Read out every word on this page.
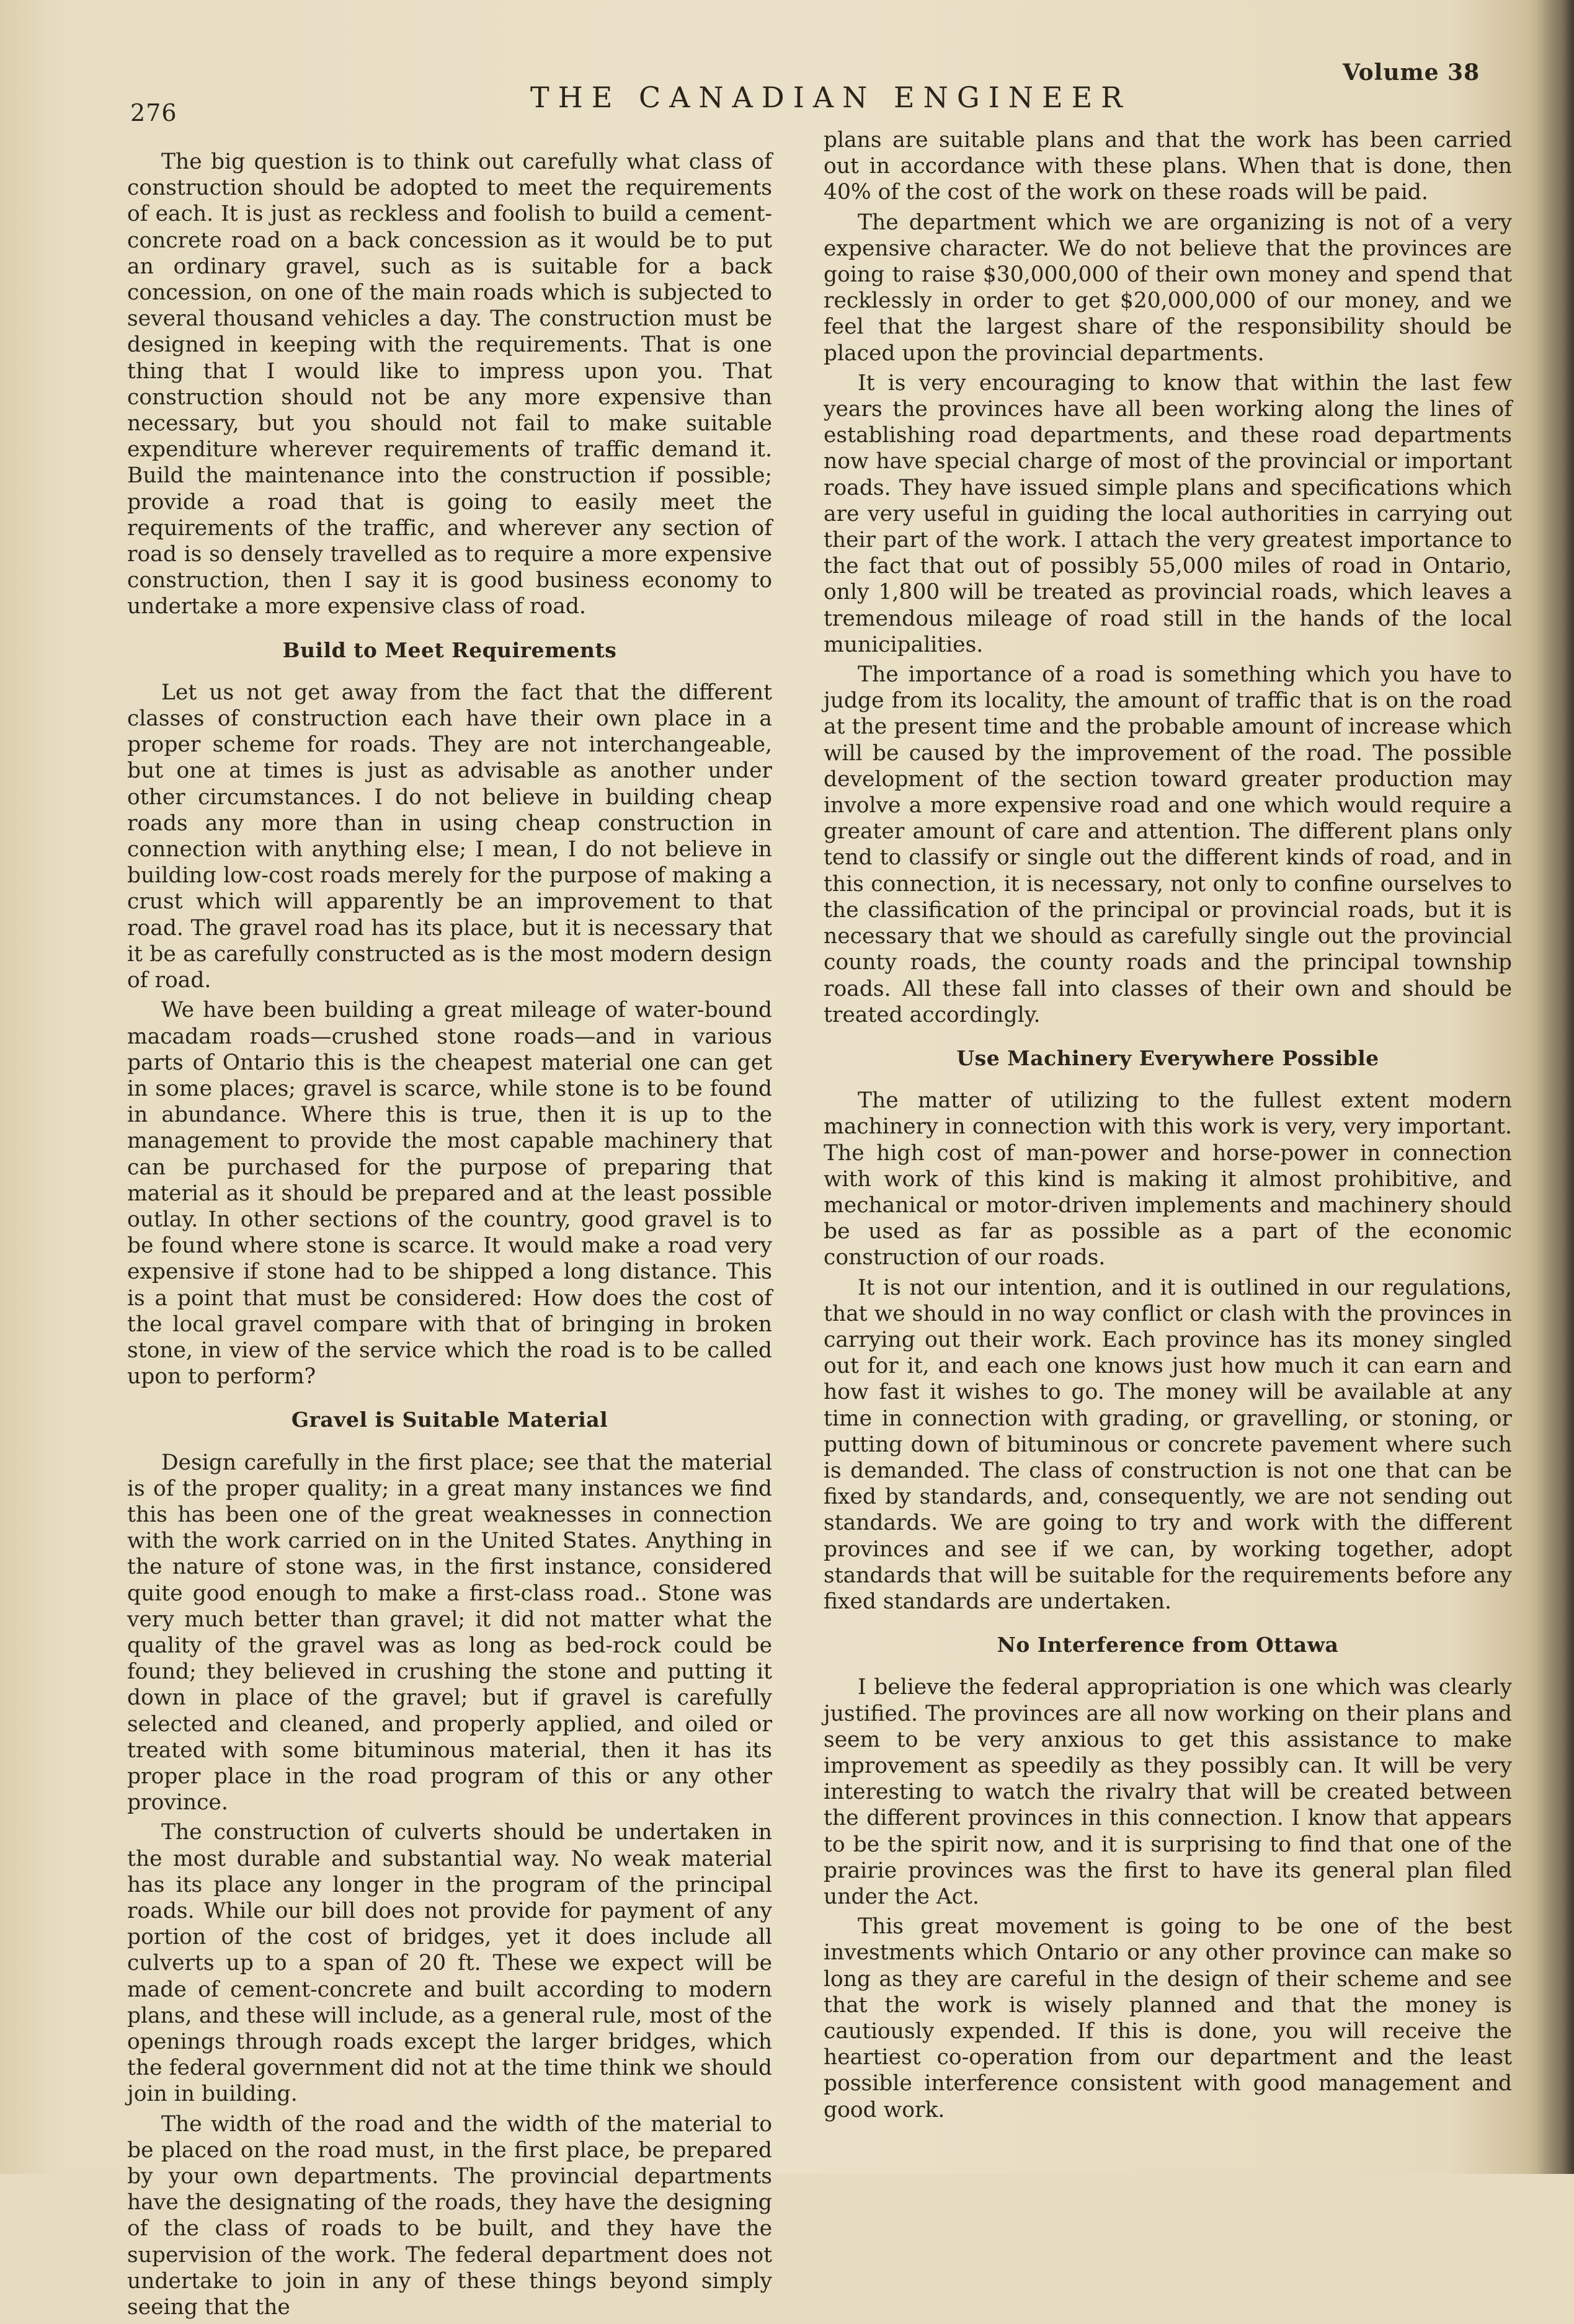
276	THE CANADIAN ENGINEER
Volume 38

The big question is to think out carefully what class of construction should be adopted to meet the requirements of each. It is just as reckless and foolish to build a cement-concrete road on a back concession as it would be to put an ordinary gravel, such as is suitable for a back concession, on one of the main roads which is subjected to several thousand vehicles a day. The construction must be designed in keeping with the requirements. That is one thing that I would like to impress upon you. That construction should not be any more expensive than necessary, but you should not fail to make suitable expenditure wherever requirements of traffic demand it. Build the maintenance into the construction if possible; provide a road that is going to easily meet the requirements of the traffic, and wherever any section of road is so densely travelled as to require a more expensive construction, then I say it is good business economy to undertake a more expensive class of road.

Build to Meet Requirements

Let us not get away from the fact that the different classes of construction each have their own place in a proper scheme for roads. They are not interchangeable, but one at times is just as advisable as another under other circumstances. I do not believe in building cheap roads any more than in using cheap construction in connection with anything else; I mean, I do not believe in building low-cost roads merely for the purpose of making a crust which will apparently be an improvement to that road. The gravel road has its place, but it is necessary that it be as carefully constructed as is the most modern design of road.

We have been building a great mileage of water-bound macadam roads—crushed stone roads—and in various parts of Ontario this is the cheapest material one can get in some places; gravel is scarce, while stone is to be found in abundance. Where this is true, then it is up to the management to provide the most capable machinery that can be purchased for the purpose of preparing that material as it should be prepared and at the least possible outlay. In other sections of the country, good gravel is to be found where stone is scarce. It would make a road very expensive if stone had to be shipped a long distance. This is a point that must be considered: How does the cost of the local gravel compare with that of bringing in broken stone, in view of the service which the road is to be called upon to perform?

Gravel is Suitable Material

Design carefully in the first place; see that the material is of the proper quality; in a great many instances we find this has been one of the great weaknesses in connection with the work carried on in the United States. Anything in the nature of stone was, in the first instance, considered quite good enough to make a first-class road.. Stone was very much better than gravel; it did not matter what the quality of the gravel was as long as bed-rock could be found; they believed in crushing the stone and putting it down in place of the gravel; but if gravel is carefully selected and cleaned, and properly applied, and oiled or treated with some bituminous material, then it has its proper place in the road program of this or any other province.

The construction of culverts should be undertaken in the most durable and substantial way. No weak material has its place any longer in the program of the principal roads. While our bill does not provide for payment of any portion of the cost of bridges, yet it does include all culverts up to a span of 20 ft. These we expect will be made of cement-concrete and built according to modern plans, and these will include, as a general rule, most of the openings through roads except the larger bridges, which the federal government did not at the time think we should join in building.

The width of the road and the width of the material to be placed on the road must, in the first place, be prepared by your own departments. The provincial departments have the designating of the roads, they have the designing of the class of roads to be built, and they have the supervision of the work. The federal department does not undertake to join in any of these things beyond simply seeing that the

plans are suitable plans and that the work has been carried out in accordance with these plans. When that is done, then 40% of the cost of the work on these roads will be paid.

The department which we are organizing is not of a very expensive character. We do not believe that the provinces are going to raise $30,000,000 of their own money and spend that recklessly in order to get $20,000,000 of our money, and we feel that the largest share of the responsibility should be placed upon the provincial departments.

It is very encouraging to know that within the last few years the provinces have all been working along the lines of establishing road departments, and these road departments now have special charge of most of the provincial or important roads. They have issued simple plans and specifications which are very useful in guiding the local authorities in carrying out their part of the work. I attach the very greatest importance to the fact that out of possibly 55,000 miles of road in Ontario, only 1,800 will be treated as provincial roads, which leaves a tremendous mileage of road still in the hands of the local municipalities.

The importance of a road is something which you have to judge from its locality, the amount of traffic that is on the road at the present time and the probable amount of increase which will be caused by the improvement of the road. The possible development of the section toward greater production may involve a more expensive road and one which would require a greater amount of care and attention. The different plans only tend to classify or single out the different kinds of road, and in this connection, it is necessary, not only to confine ourselves to the classification of the principal or provincial roads, but it is necessary that we should as carefully single out the provincial county roads, the county roads and the principal township roads. All these fall into classes of their own and should be treated accordingly.

Use Machinery Everywhere Possible

The matter of utilizing to the fullest extent modern machinery in connection with this work is very, very important. The high cost of man-power and horse-power in connection with work of this kind is making it almost prohibitive, and mechanical or motor-driven implements and machinery should be used as far as possible as a part of the economic construction of our roads.

It is not our intention, and it is outlined in our regulations, that we should in no way conflict or clash with the provinces in carrying out their work. Each province has its money singled out for it, and each one knows just how much it can earn and how fast it wishes to go. The money will be available at any time in connection with grading, or gravelling, or stoning, or putting down of bituminous or concrete pavement where such is demanded. The class of construction is not one that can be fixed by standards, and, consequently, we are not sending out standards. We are going to try and work with the different provinces and see if we can, by working together, adopt standards that will be suitable for the requirements before any fixed standards are undertaken.

No Interference from Ottawa

I believe the federal appropriation is one which was clearly justified. The provinces are all now working on their plans and seem to be very anxious to get this assistance to make improvement as speedily as they possibly can. It will be very interesting to watch the rivalry that will be created between the different provinces in this connection. I know that appears to be the spirit now, and it is surprising to find that one of the prairie provinces was the first to have its general plan filed under the Act.

This great movement is going to be one of the best investments which Ontario or any other province can make so long as they are careful in the design of their scheme and see that the work is wisely planned and that the money is cautiously expended. If this is done, you will receive the heartiest co-operation from our department and the least possible interference consistent with good management and good work.
